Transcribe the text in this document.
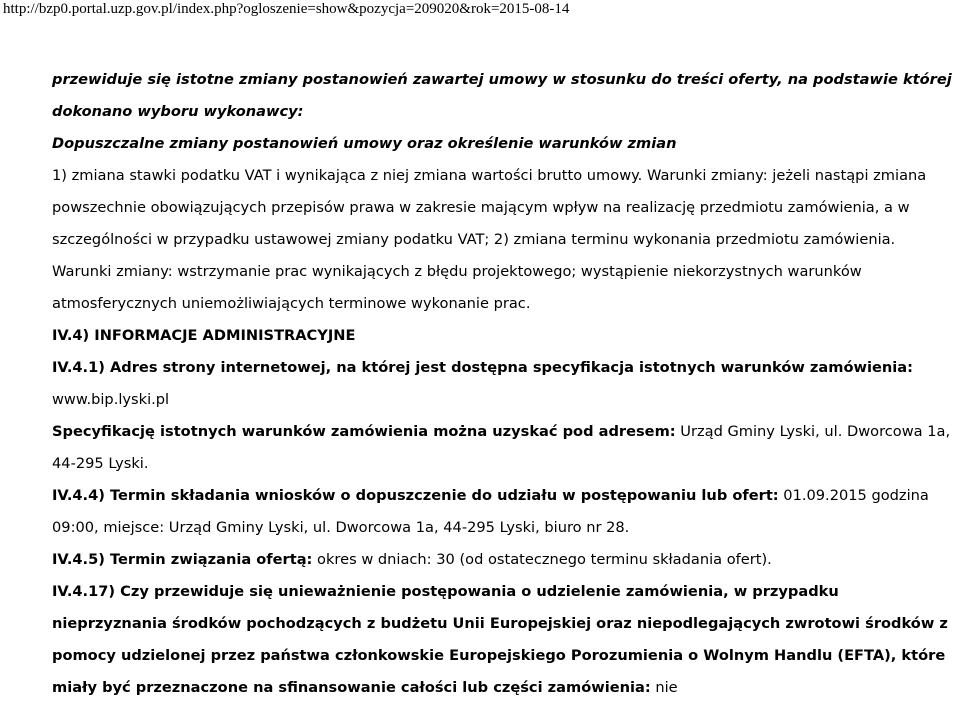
http://bzp0.portal.uzp.gov.pl/index.php?ogloszenie=show&pozycja=209020&rok=2015-08-14

przewiduje się istotne zmiany postanowień zawartej umowy w stosunku do treści oferty, na podstawie której dokonano wyboru wykonawcy:

Dopuszczalne zmiany postanowień umowy oraz określenie warunków zmian

1) zmiana stawki podatku VAT i wynikająca z niej zmiana wartości brutto umowy. Warunki zmiany: jeżeli nastąpi zmiana powszechnie obowiązujących przepisów prawa w zakresie mającym wpływ na realizację przedmiotu zamówienia, a w szczególności w przypadku ustawowej zmiany podatku VAT; 2) zmiana terminu wykonania przedmiotu zamówienia. Warunki zmiany: wstrzymanie prac wynikających z błędu projektowego; wystąpienie niekorzystnych warunków atmosferycznych uniemożliwiających terminowe wykonanie prac.

IV.4) INFORMACJE ADMINISTRACYJNE

IV.4.1) Adres strony internetowej, na której jest dostępna specyfikacja istotnych warunków zamówienia:

www.bip.lyski.pl

Specyfikację istotnych warunków zamówienia można uzyskać pod adresem: Urząd Gminy Lyski, ul. Dworcowa 1a, 44-295 Lyski.

IV.4.4) Termin składania wniosków o dopuszczenie do udziału w postępowaniu lub ofert: 01.09.2015 godzina 09:00, miejsce: Urząd Gminy Lyski, ul. Dworcowa 1a, 44-295 Lyski, biuro nr 28.

IV.4.5) Termin związania ofertą: okres w dniach: 30 (od ostatecznego terminu składania ofert).

IV.4.17) Czy przewiduje się unieważnienie postępowania o udzielenie zamówienia, w przypadku nieprzyznania środków pochodzących z budżetu Unii Europejskiej oraz niepodlegających zwrotowi środków z pomocy udzielonej przez państwa członkowskie Europejskiego Porozumienia o Wolnym Handlu (EFTA), które miały być przeznaczone na sfinansowanie całości lub części zamówienia: nie
